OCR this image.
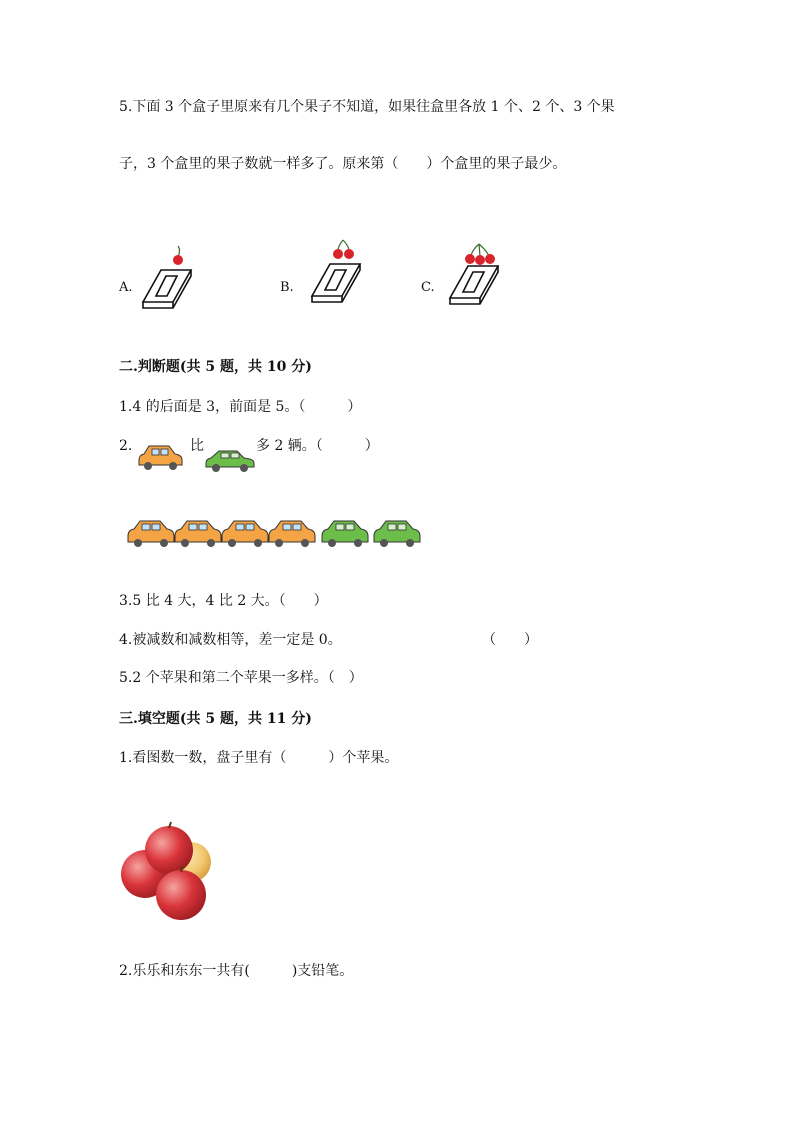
5.下面 3 个盒子里原来有几个果子不知道，如果往盒里各放 1 个、2 个、3 个果
子，3 个盒里的果子数就一样多了。原来第（　　）个盒里的果子最少。
A.	B.	C.
二.判断题(共 5 题，共 10 分)
1.4 的后面是 3，前面是 5。（　　　）
2.	比	多 2 辆。（　　　）
3.5 比 4 大，4 比 2 大。（　　）
4.被减数和减数相等，差一定是 0。	（　　）
5.2 个苹果和第二个苹果一多样。（　）
三.填空题(共 5 题，共 11 分)
1.看图数一数，盘子里有（　　　）个苹果。
2.乐乐和东东一共有(　　　)支铅笔。
